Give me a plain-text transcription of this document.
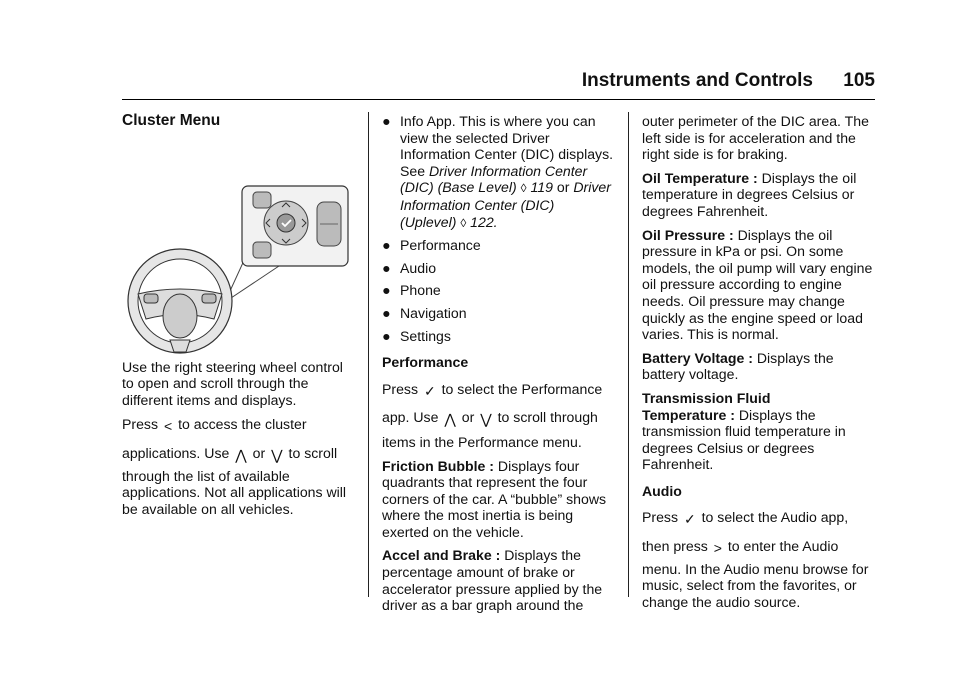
Instruments and Controls 105
Cluster Menu

Use the right steering wheel control to open and scroll through the different items and displays.

Press < to access the cluster

applications. Use ⋀ or ⋁ to scroll

through the list of available applications. Not all applications will be available on all vehicles.

● Info App. This is where you can view the selected Driver Information Center (DIC) displays. See Driver Information Center (DIC) (Base Level) ◊ 119 or Driver Information Center (DIC) (Uplevel) ◊ 122.
● Performance
● Audio
● Phone
● Navigation
● Settings
Performance

Press ✓ to select the Performance

app. Use ⋀ or ⋁ to scroll through

items in the Performance menu.

Friction Bubble : Displays four quadrants that represent the four corners of the car. A “bubble” shows where the most inertia is being exerted on the vehicle.

Accel and Brake : Displays the percentage amount of brake or accelerator pressure applied by the driver as a bar graph around the

outer perimeter of the DIC area. The left side is for acceleration and the right side is for braking.

Oil Temperature : Displays the oil temperature in degrees Celsius or degrees Fahrenheit.

Oil Pressure : Displays the oil pressure in kPa or psi. On some models, the oil pump will vary engine oil pressure according to engine needs. Oil pressure may change quickly as the engine speed or load varies. This is normal.

Battery Voltage : Displays the battery voltage.

Transmission Fluid
Temperature : Displays the transmission fluid temperature in degrees Celsius or degrees Fahrenheit.

Audio

Press ✓ to select the Audio app,

then press > to enter the Audio

menu. In the Audio menu browse for music, select from the favorites, or change the audio source.
